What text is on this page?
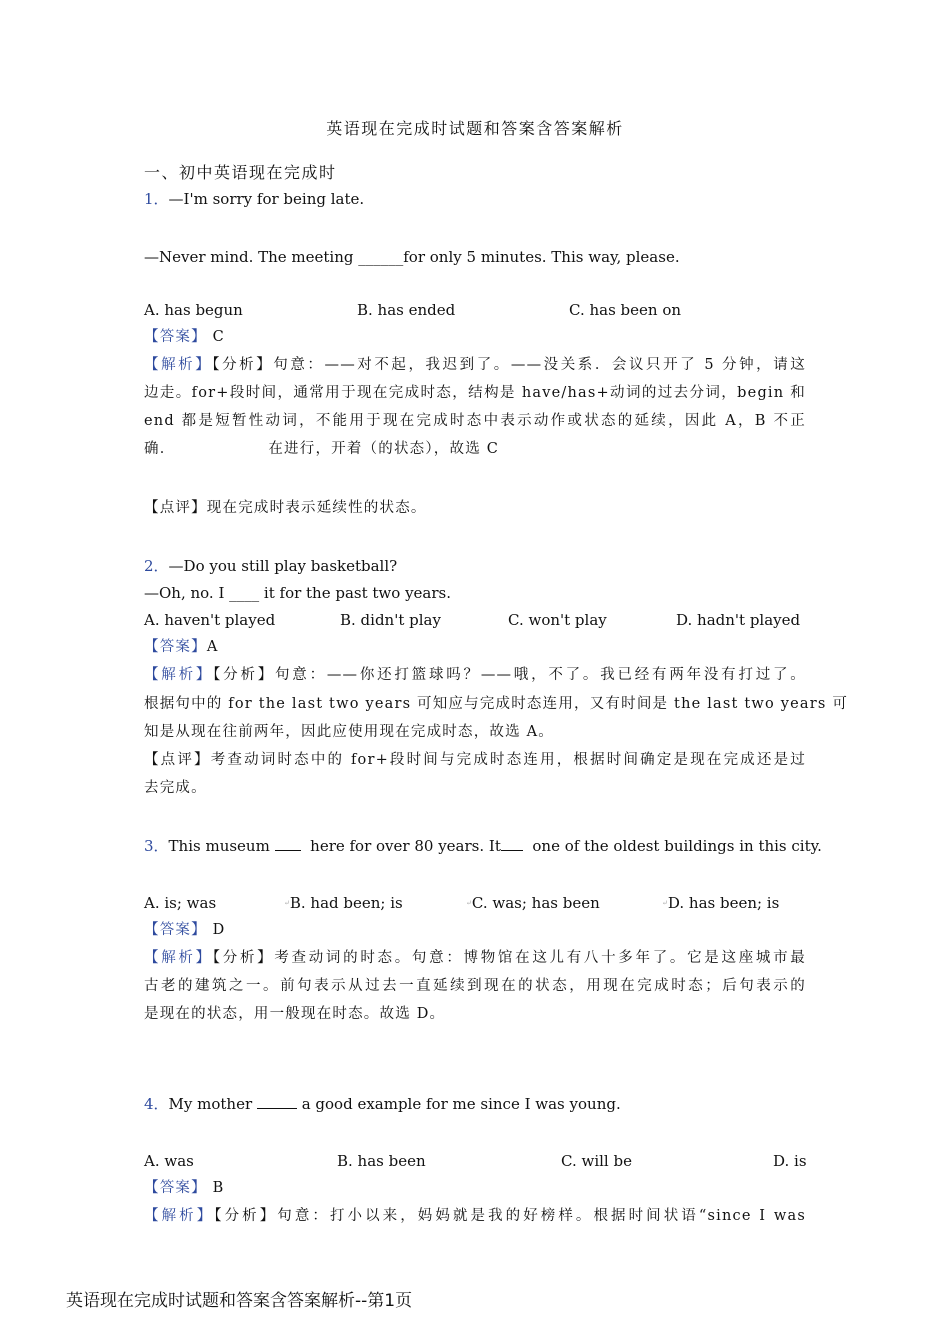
英语现在完成时试题和答案含答案解析
一、初中英语现在完成时
1．—I'm sorry for being late.
—Never mind. The meeting ______for only 5 minutes. This way, please.
A. has begun	B. has ended	C. has been on
【答案】 C
【解析】【分析】句意：——对不起，我迟到了。——没关系．会议只开了 5 分钟，请这
边走。for+段时间，通常用于现在完成时态，结构是 have/has+动词的过去分词，begin 和
end 都是短暂性动词，不能用于现在完成时态中表示动作或状态的延续，因此 A，B 不正
确．                在进行，开着（的状态），故选 C
【点评】现在完成时表示延续性的状态。
2．—Do you still play basketball?
—Oh, no. I ____ it for the past two years.
A. haven't played	B. didn't play	C. won't play	D. hadn't played
【答案】A
【解析】【分析】句意：——你还打篮球吗？——哦，不了。我已经有两年没有打过了。
根据句中的 for the last two years 可知应与完成时态连用，又有时间是 the last two years 可
知是从现在往前两年，因此应使用现在完成时态，故选 A。
【点评】考查动词时态中的 for+段时间与完成时态连用，根据时间确定是现在完成还是过
去完成。
3．This museum	here for over 80 years. It one of the oldest buildings in this city.
A. is; was	↵B. had been; is	↵C. was; has been	↵D. has been; is
【答案】 D
【解析】【分析】考查动词的时态。句意：博物馆在这儿有八十多年了。它是这座城市最
古老的建筑之一。前句表示从过去一直延续到现在的状态，用现在完成时态；后句表示的
是现在的状态，用一般现在时态。故选 D。
4．My mother	a good example for me since I was young.
A. was	B. has been	C. will be	D. is
【答案】 B
【解析】【分析】句意：打小以来，妈妈就是我的好榜样。根据时间状语“since I was
英语现在完成时试题和答案含答案解析--第1页
